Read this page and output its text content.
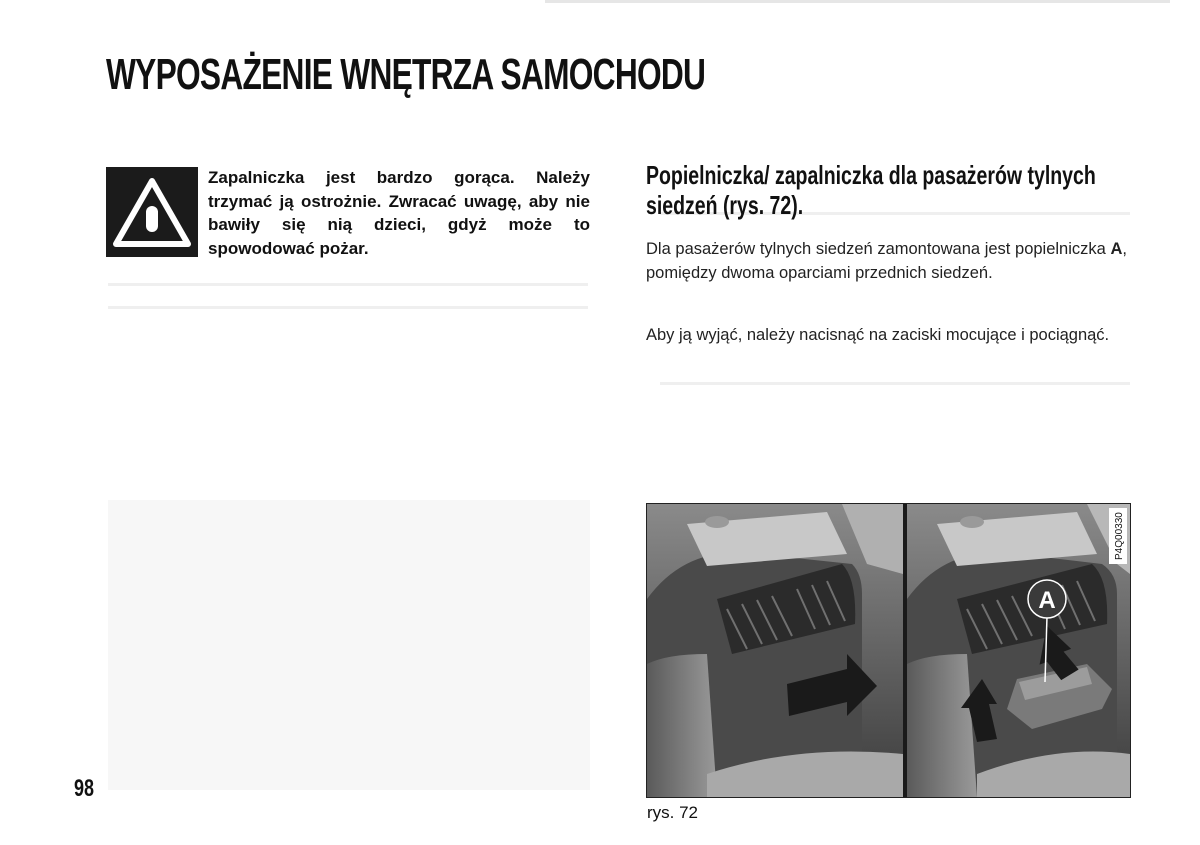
WYPOSAŻENIE WNĘTRZA SAMOCHODU

Zapalniczka jest bardzo gorąca. Należy trzymać ją ostrożnie. Zwracać uwagę, aby nie bawiły się nią dzieci, gdyż może to spowodować pożar.

Popielniczka/ zapalniczka dla pasażerów tylnych siedzeń (rys. 72).

Dla pasażerów tylnych siedzeń zamontowana jest popielniczka A, pomiędzy dwoma oparciami przednich siedzeń.

Aby ją wyjąć, należy nacisnąć na zaciski mocujące i pociągnąć.

A
P4Q00330

rys. 72

98
